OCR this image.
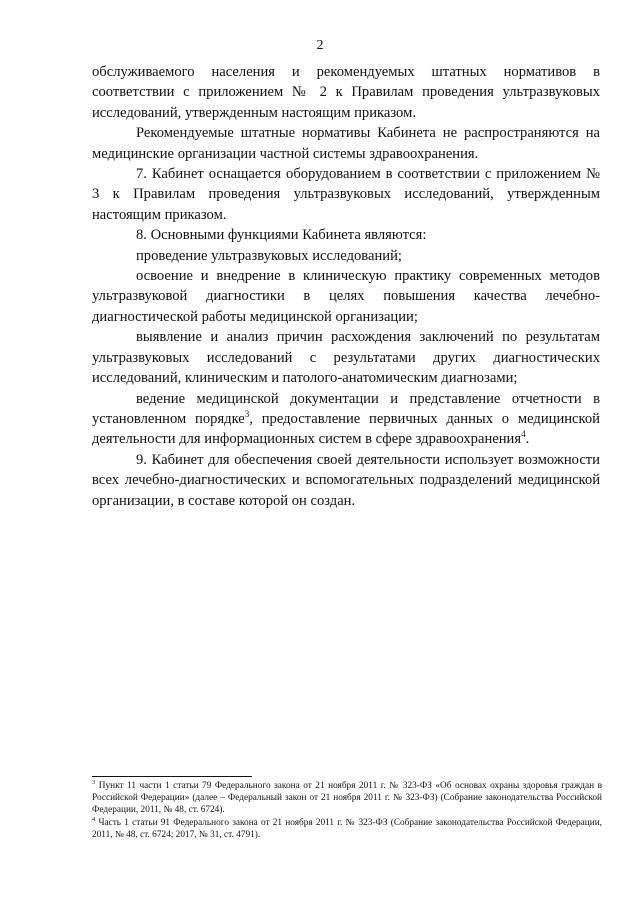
2

обслуживаемого населения и рекомендуемых штатных нормативов в соответствии с приложением № 2 к Правилам проведения ультразвуковых исследований, утвержденным настоящим приказом.

Рекомендуемые штатные нормативы Кабинета не распространяются на медицинские организации частной системы здравоохранения.

7. Кабинет оснащается оборудованием в соответствии с приложением № 3 к Правилам проведения ультразвуковых исследований, утвержденным настоящим приказом.

8. Основными функциями Кабинета являются:

проведение ультразвуковых исследований;

освоение и внедрение в клиническую практику современных методов ультразвуковой диагностики в целях повышения качества лечебно-диагностической работы медицинской организации;

выявление и анализ причин расхождения заключений по результатам ультразвуковых исследований с результатами других диагностических исследований, клиническим и патолого-анатомическим диагнозами;

ведение медицинской документации и представление отчетности в установленном порядке$^3$, предоставление первичных данных о медицинской деятельности для информационных систем в сфере здравоохранения$^4$.

9. Кабинет для обеспечения своей деятельности использует возможности всех лечебно-диагностических и вспомогательных подразделений медицинской организации, в составе которой он создан.

$^3$ Пункт 11 части 1 статьи 79 Федерального закона от 21 ноября 2011 г. № 323-ФЗ «Об основах охраны здоровья граждан в Российской Федерации» (далее – Федеральный закон от 21 ноября 2011 г. № 323-ФЗ) (Собрание законодательства Российской Федерации, 2011, № 48, ст. 6724).

$^4$ Часть 1 статьи 91 Федерального закона от 21 ноября 2011 г. № 323-ФЗ (Собрание законодательства Российской Федерации, 2011, № 48, ст. 6724; 2017, № 31, ст. 4791).
